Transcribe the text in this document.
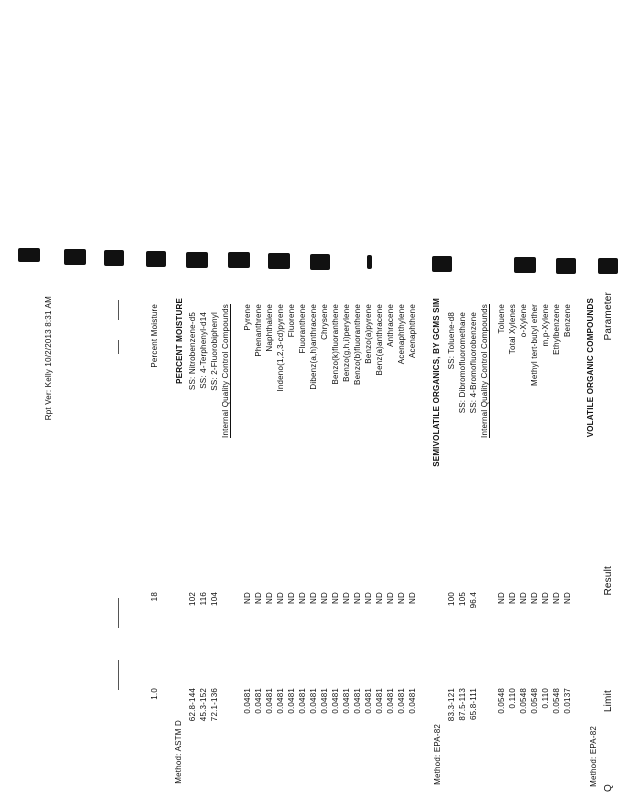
Parameter
Result
Limit
Q
Method: EPA-82
Method: EPA-82
Method: ASTM D
VOLATILE ORGANIC COMPOUNDS
SEMIVOLATILE ORGANICS, BY GCMS SIM
PERCENT MOISTURE	Benzene
ND
0.0137
Ethylbenzene
ND
0.0548
m,p-Xylene
ND
0.110
Methyl tert-butyl ether
ND
0.0548
o-Xylene
ND
0.0548
Total Xylenes
ND
0.110
Toluene
ND
0.0548
Internal Quality Control Compounds
SS: 4-Bromofluorobenzene
96.4
65.8-111
SS: Dibromofluoromethane
105
87.5-113
SS: Toluene-d8
100
83.3-121
Acenaphthene
ND
0.0481
Acenaphthylene
ND
0.0481
Anthracene
ND
0.0481
Benz(a)anthracene
ND
0.0481
Benzo(a)pyrene
ND
0.0481
Benzo(b)fluoranthene
ND
0.0481
Benzo(g,h,i)perylene
ND
0.0481
Benzo(k)fluoranthene
ND
0.0481
Chrysene
ND
0.0481
Dibenz(a,h)anthracene
ND
0.0481
Fluoranthene
ND
0.0481
Fluorene
ND
0.0481
Indeno(1,2,3-cd)pyrene
ND
0.0481
Naphthalene
ND
0.0481
Phenanthrene
ND
0.0481
Pyrene
ND
0.0481
Internal Quality Control Compounds
SS: 2-Fluorobiphenyl
104
72.1-136
SS: 4-Terphenyl-d14
116
45.3-152
SS: Nitrobenzene-d5
102
62.8-144
Percent Moisture
18
1.0
Rpt Ver: Kelly 10/2/2013 8:31 AM
